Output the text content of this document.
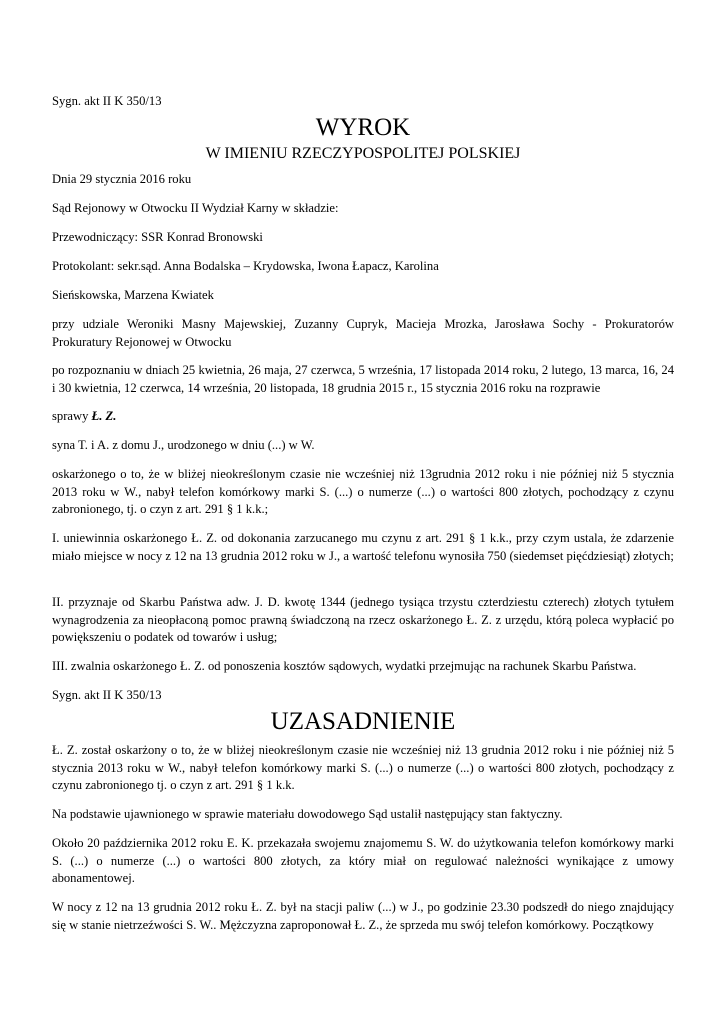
Sygn. akt II K 350/13

WYROK
W IMIENIU RZECZYPOSPOLITEJ POLSKIEJ

Dnia 29 stycznia 2016 roku

Sąd Rejonowy w Otwocku II Wydział Karny w składzie:

Przewodniczący: SSR Konrad Bronowski

Protokolant: sekr.sąd. Anna Bodalska – Krydowska, Iwona Łapacz, Karolina

Sieńskowska, Marzena Kwiatek

przy udziale Weroniki Masny Majewskiej, Zuzanny Cupryk, Macieja Mrozka, Jarosława Sochy - Prokuratorów Prokuratury Rejonowej w Otwocku

po rozpoznaniu w dniach 25 kwietnia, 26 maja, 27 czerwca, 5 września, 17 listopada 2014 roku, 2 lutego, 13 marca, 16, 24 i 30 kwietnia, 12 czerwca, 14 września, 20 listopada, 18 grudnia 2015 r., 15 stycznia 2016 roku na rozprawie

sprawy Ł. Z.

syna T. i A. z domu J., urodzonego w dniu (...) w W.

oskarżonego o to, że w bliżej nieokreślonym czasie nie wcześniej niż 13grudnia 2012 roku i nie później niż 5 stycznia 2013 roku w W., nabył telefon komórkowy marki S. (...) o numerze (...) o wartości 800 złotych, pochodzący z czynu zabronionego, tj. o czyn z art. 291 § 1 k.k.;

I. uniewinnia oskarżonego Ł. Z. od dokonania zarzucanego mu czynu z art. 291 § 1 k.k., przy czym ustala, że zdarzenie miało miejsce w nocy z 12 na 13 grudnia 2012 roku w J., a wartość telefonu wynosiła 750 (siedemset pięćdziesiąt) złotych;

II. przyznaje od Skarbu Państwa adw. J. D. kwotę 1344 (jednego tysiąca trzystu czterdziestu czterech) złotych tytułem wynagrodzenia za nieopłaconą pomoc prawną świadczoną na rzecz oskarżonego Ł. Z. z urzędu, którą poleca wypłacić po powiększeniu o podatek od towarów i usług;

III. zwalnia oskarżonego Ł. Z. od ponoszenia kosztów sądowych, wydatki przejmując na rachunek Skarbu Państwa.

Sygn. akt II K 350/13

UZASADNIENIE

Ł. Z. został oskarżony o to, że w bliżej nieokreślonym czasie nie wcześniej niż 13 grudnia 2012 roku i nie później niż 5 stycznia 2013 roku w W., nabył telefon komórkowy marki S. (...) o numerze (...) o wartości 800 złotych, pochodzący z czynu zabronionego tj. o czyn z art. 291 § 1 k.k.

Na podstawie ujawnionego w sprawie materiału dowodowego Sąd ustalił następujący stan faktyczny.

Około 20 października 2012 roku E. K. przekazała swojemu znajomemu S. W. do użytkowania telefon komórkowy marki S. (...) o numerze (...) o wartości 800 złotych, za który miał on regulować należności wynikające z umowy abonamentowej.

W nocy z 12 na 13 grudnia 2012 roku Ł. Z. był na stacji paliw (...) w J., po godzinie 23.30 podszedł do niego znajdujący się w stanie nietrzeźwości S. W.. Mężczyzna zaproponował Ł. Z., że sprzeda mu swój telefon komórkowy. Początkowy
